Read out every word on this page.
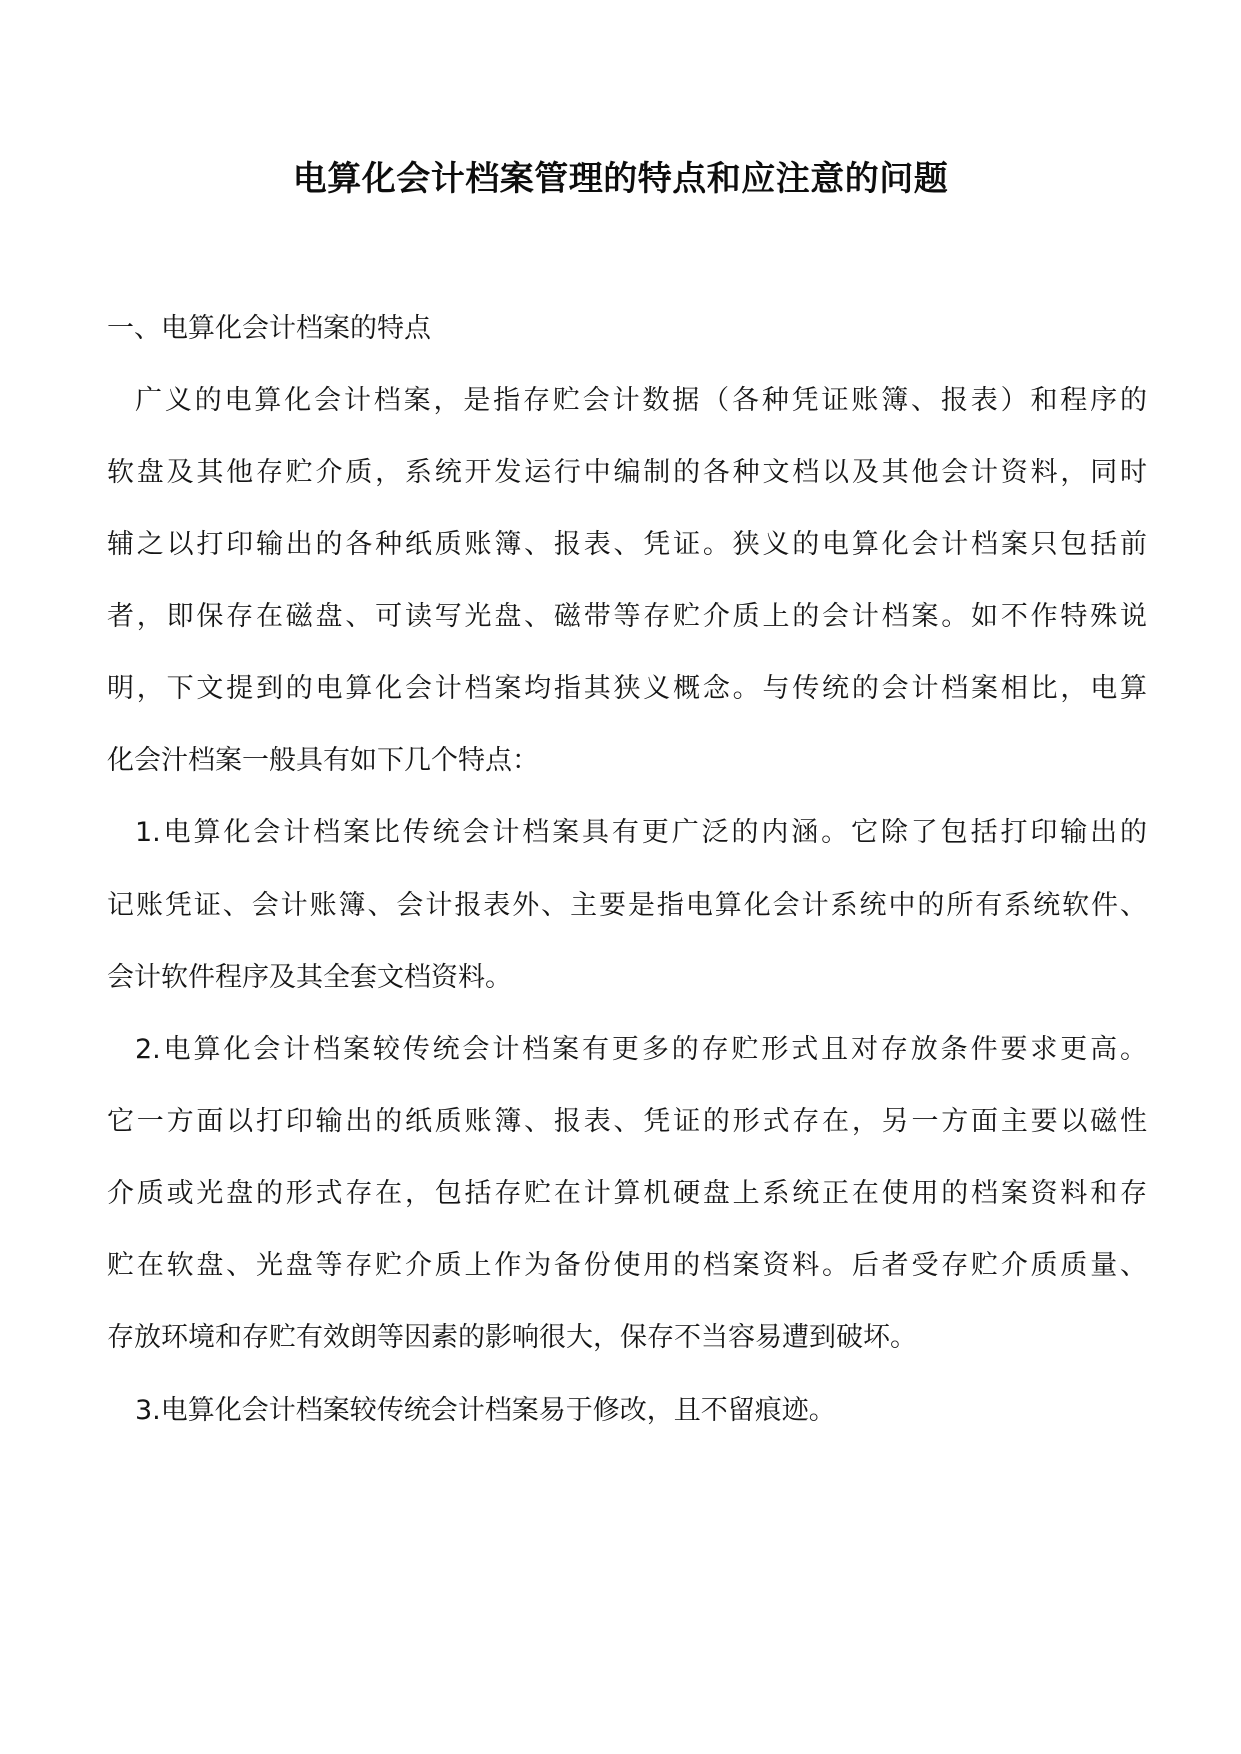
电算化会计档案管理的特点和应注意的问题
一、电算化会计档案的特点
广义的电算化会计档案，是指存贮会计数据（各种凭证账簿、报表）和程序的
软盘及其他存贮介质，系统开发运行中编制的各种文档以及其他会计资料，同时
辅之以打印输出的各种纸质账簿、报表、凭证。狭义的电算化会计档案只包括前
者，即保存在磁盘、可读写光盘、磁带等存贮介质上的会计档案。如不作特殊说
明，下文提到的电算化会计档案均指其狭义概念。与传统的会计档案相比，电算
化会汁档案一般具有如下几个特点：
1.电算化会计档案比传统会计档案具有更广泛的内涵。它除了包括打印输出的
记账凭证、会计账簿、会计报表外、主要是指电算化会计系统中的所有系统软件、
会计软件程序及其全套文档资料。
2.电算化会计档案较传统会计档案有更多的存贮形式且对存放条件要求更高。
它一方面以打印输出的纸质账簿、报表、凭证的形式存在，另一方面主要以磁性
介质或光盘的形式存在，包括存贮在计算机硬盘上系统正在使用的档案资料和存
贮在软盘、光盘等存贮介质上作为备份使用的档案资料。后者受存贮介质质量、
存放环境和存贮有效朗等因素的影响很大，保存不当容易遭到破坏。
3.电算化会计档案较传统会计档案易于修改，且不留痕迹。
